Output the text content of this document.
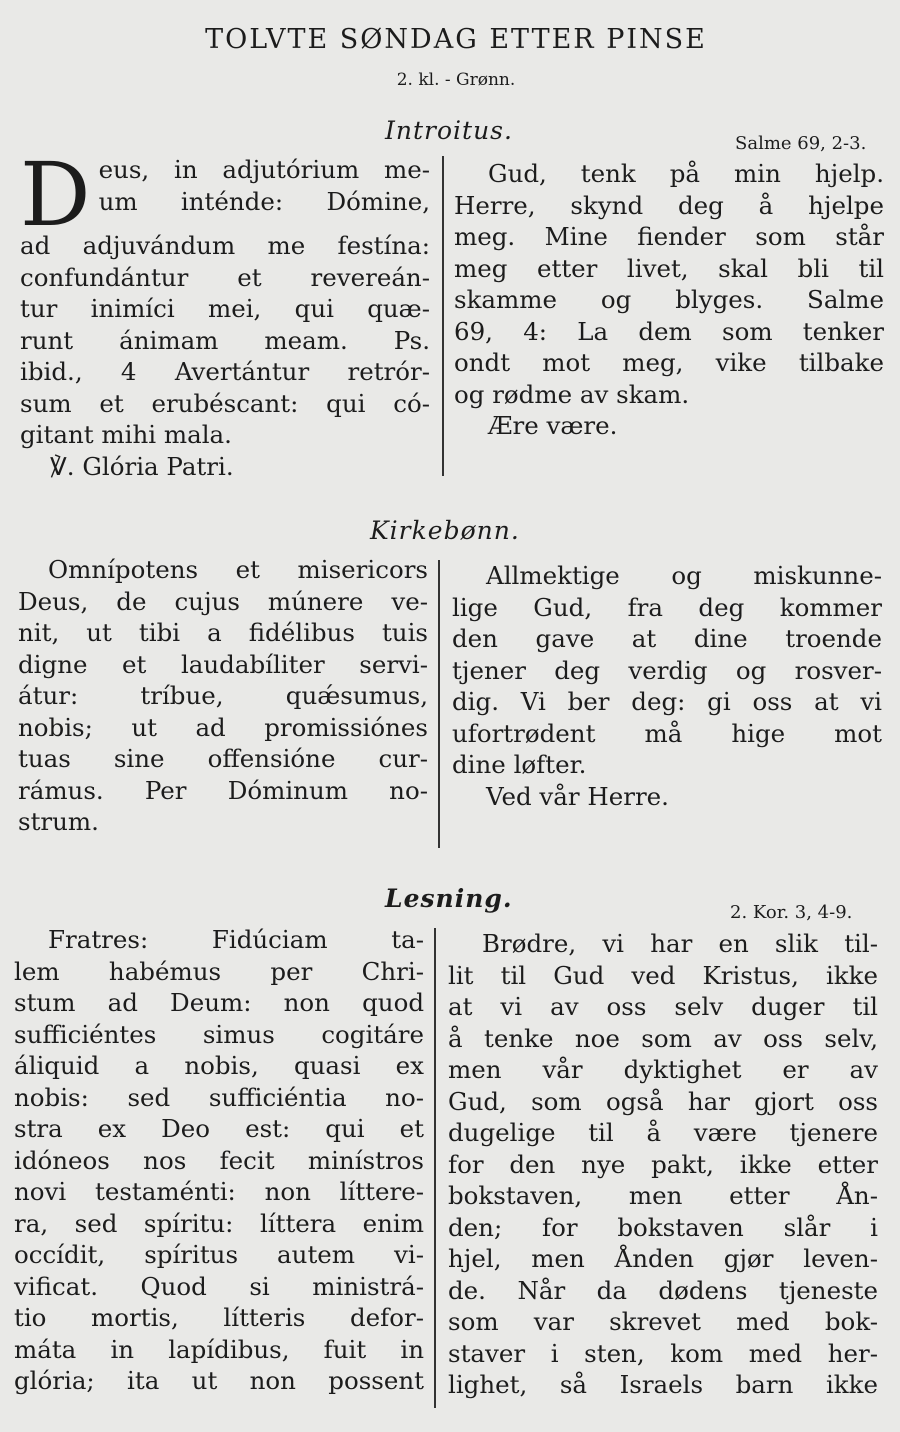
TOLVTE SØNDAG ETTER PINSE
2. kl. - Grønn.
Introitus.	Salme 69, 2-3.
D eus, in adjutórium me-
um inténde: Dómine,
ad adjuvándum me festína:
confundántur et revereán-
tur inimíci mei, qui quæ-
runt ánimam meam. Ps.
ibid., 4 Avertántur retrór-
sum et erubéscant: qui có-
gitant mihi mala.
℣. Glória Patri.
Gud, tenk på min hjelp.
Herre, skynd deg å hjelpe
meg. Mine fiender som står
meg etter livet, skal bli til
skamme og blyges. Salme
69, 4: La dem som tenker
ondt mot meg, vike tilbake
og rødme av skam.
Ære være.
Kirkebønn.
Omnípotens et misericors
Deus, de cujus múnere ve-
nit, ut tibi a fidélibus tuis
digne et laudabíliter servi-
átur: tríbue, quǽsumus,
nobis; ut ad promissiónes
tuas sine offensióne cur-
rámus. Per Dóminum no-
strum.
Allmektige og miskunne-
lige Gud, fra deg kommer
den gave at dine troende
tjener deg verdig og rosver-
dig. Vi ber deg: gi oss at vi
ufortrødent må hige mot
dine løfter.
Ved vår Herre.
Lesning.	2. Kor. 3, 4-9.
Fratres: Fidúciam ta-
lem habémus per Chri-
stum ad Deum: non quod
sufficiéntes simus cogitáre
áliquid a nobis, quasi ex
nobis: sed sufficiéntia no-
stra ex Deo est: qui et
idóneos nos fecit minístros
novi testaménti: non líttere-
ra, sed spíritu: líttera enim
occídit, spíritus autem vi-
vificat. Quod si ministrá-
tio mortis, lítteris defor-
máta in lapídibus, fuit in
glória; ita ut non possent
Brødre, vi har en slik til-
lit til Gud ved Kristus, ikke
at vi av oss selv duger til
å tenke noe som av oss selv,
men vår dyktighet er av
Gud, som også har gjort oss
dugelige til å være tjenere
for den nye pakt, ikke etter
bokstaven, men etter Ån-
den; for bokstaven slår i
hjel, men Ånden gjør leven-
de. Når da dødens tjeneste
som var skrevet med bok-
staver i sten, kom med her-
lighet, så Israels barn ikke
